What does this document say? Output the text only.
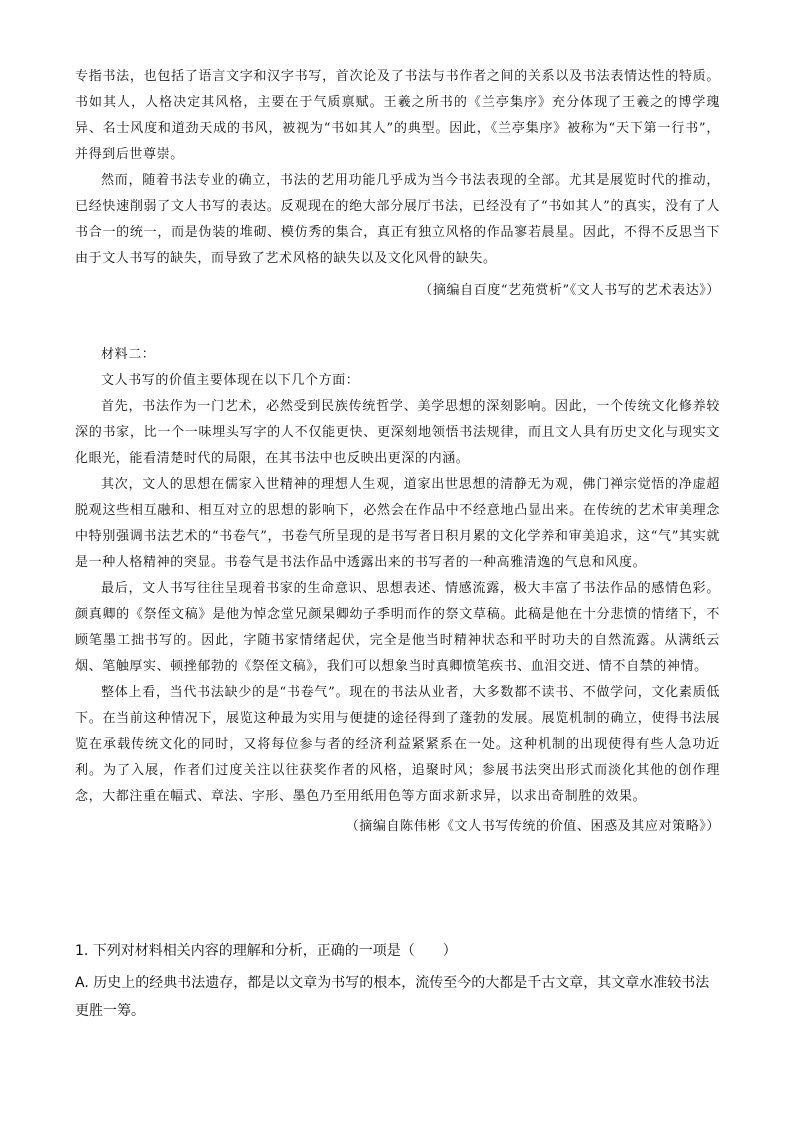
专指书法，也包括了语言文字和汉字书写，首次论及了书法与书作者之间的关系以及书法表情达性的特质。书如其人，人格决定其风格，主要在于气质禀赋。王羲之所书的《兰亭集序》充分体现了王羲之的博学瑰异、名士风度和道劲天成的书风，被视为“书如其人”的典型。因此，《兰亭集序》被称为“天下第一行书”，并得到后世尊崇。

然而，随着书法专业的确立，书法的艺用功能几乎成为当今书法表现的全部。尤其是展览时代的推动，已经快速削弱了文人书写的表达。反观现在的绝大部分展厅书法，已经没有了“书如其人”的真实，没有了人书合一的统一，而是伪装的堆砌、模仿秀的集合，真正有独立风格的作品寥若晨星。因此，不得不反思当下由于文人书写的缺失，而导致了艺术风格的缺失以及文化风骨的缺失。

（摘编自百度“艺苑赏析”《文人书写的艺术表达》）

材料二：

文人书写的价值主要体现在以下几个方面：

首先，书法作为一门艺术，必然受到民族传统哲学、美学思想的深刻影响。因此，一个传统文化修养较深的书家，比一个一味埋头写字的人不仅能更快、更深刻地领悟书法规律，而且文人具有历史文化与现实文化眼光，能看清楚时代的局限，在其书法中也反映出更深的内涵。

其次，文人的思想在儒家入世精神的理想人生观，道家出世思想的清静无为观，佛门禅宗觉悟的净虚超脱观这些相互融和、相互对立的思想的影响下，必然会在作品中不经意地凸显出来。在传统的艺术审美理念中特别强调书法艺术的“书卷气”，书卷气所呈现的是书写者日积月累的文化学养和审美追求，这“气”其实就是一种人格精神的突显。书卷气是书法作品中透露出来的书写者的一种高雅清逸的气息和风度。

最后，文人书写往往呈现着书家的生命意识、思想表述、情感流露，极大丰富了书法作品的感情色彩。颜真卿的《祭侄文稿》是他为悼念堂兄颜杲卿幼子季明而作的祭文草稿。此稿是他在十分悲愤的情绪下，不顾笔墨工拙书写的。因此，字随书家情绪起伏，完全是他当时精神状态和平时功夫的自然流露。从满纸云烟、笔触厚实、顿挫郁勃的《祭侄文稿》，我们可以想象当时真卿愤笔疾书、血泪交迸、情不自禁的神情。

整体上看，当代书法缺少的是“书卷气”。现在的书法从业者，大多数都不读书、不做学问，文化素质低下。在当前这种情况下，展览这种最为实用与便捷的途径得到了蓬勃的发展。展览机制的确立，使得书法展览在承载传统文化的同时，又将每位参与者的经济利益紧紧系在一处。这种机制的出现使得有些人急功近利。为了入展，作者们过度关注以往获奖作者的风格，追聚时风；参展书法突出形式而淡化其他的创作理念，大都注重在幅式、章法、字形、墨色乃至用纸用色等方面求新求异，以求出奇制胜的效果。

（摘编自陈伟彬《文人书写传统的价值、困惑及其应对策略》）

1. 下列对材料相关内容的理解和分析，正确的一项是（　　）

A. 历史上的经典书法遗存，都是以文章为书写的根本，流传至今的大都是千古文章，其文章水准较书法

更胜一筹。
